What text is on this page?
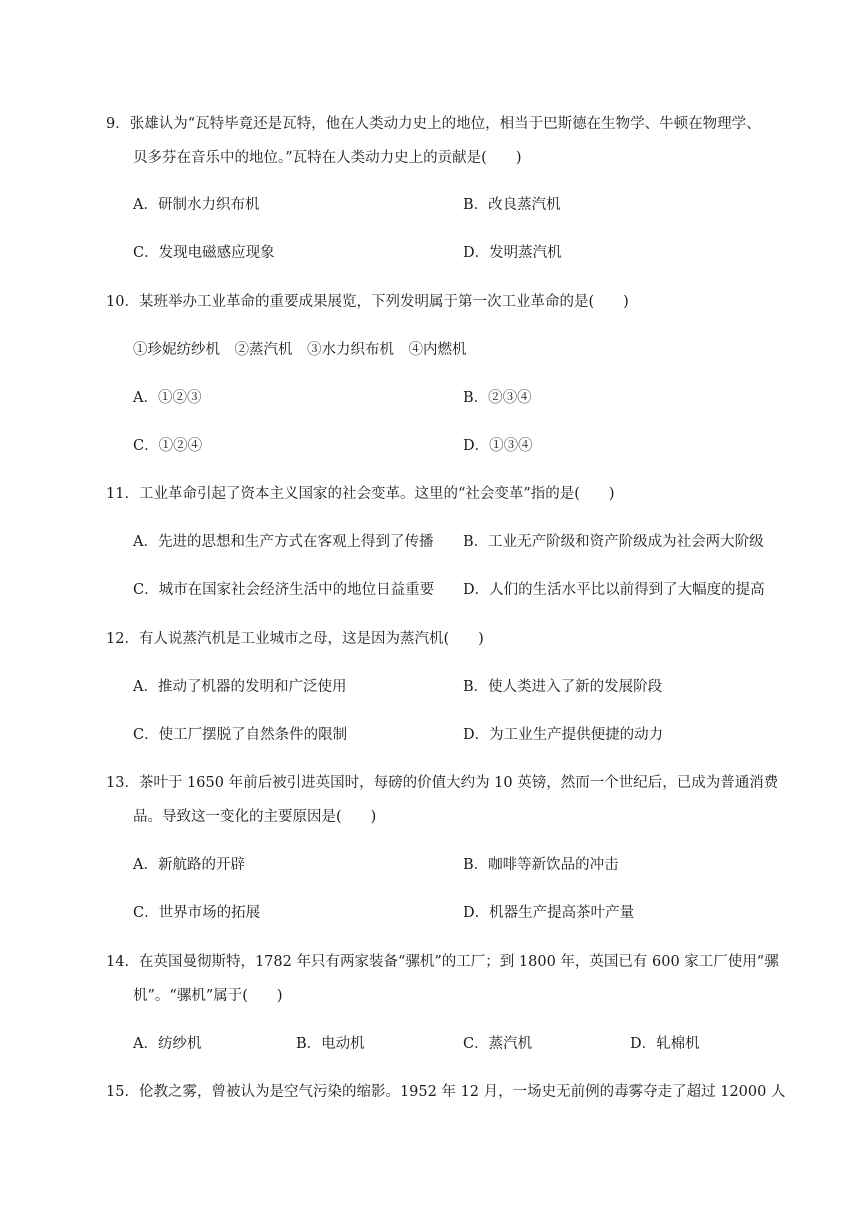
9．张雄认为“瓦特毕竟还是瓦特，他在人类动力史上的地位，相当于巴斯德在生物学、牛顿在物理学、
贝多芬在音乐中的地位。”瓦特在人类动力史上的贡献是(　　)
A．研制水力织布机	B．改良蒸汽机
C．发现电磁感应现象	D．发明蒸汽机
10．某班举办工业革命的重要成果展览，下列发明属于第一次工业革命的是(　　)
①珍妮纺纱机　②蒸汽机　③水力织布机　④内燃机
A．①②③	B．②③④
C．①②④	D．①③④
11．工业革命引起了资本主义国家的社会变革。这里的“社会变革”指的是(　　)
A．先进的思想和生产方式在客观上得到了传播 B．工业无产阶级和资产阶级成为社会两大阶级
C．城市在国家社会经济生活中的地位日益重要 D．人们的生活水平比以前得到了大幅度的提高
12．有人说蒸汽机是工业城市之母，这是因为蒸汽机(　　)
A．推动了机器的发明和广泛使用	B．使人类进入了新的发展阶段
C．使工厂摆脱了自然条件的限制	D．为工业生产提供便捷的动力
13．茶叶于 1650 年前后被引进英国时，每磅的价值大约为 10 英镑，然而一个世纪后，已成为普通消费
品。导致这一变化的主要原因是(　　)
A．新航路的开辟	B．咖啡等新饮品的冲击
C．世界市场的拓展	D．机器生产提高茶叶产量
14．在英国曼彻斯特，1782 年只有两家装备“骡机”的工厂；到 1800 年，英国已有 600 家工厂使用“骡
机”。“骡机”属于(　　)
A．纺纱机	B．电动机	C．蒸汽机	D．轧棉机
15．伦教之雾，曾被认为是空气污染的缩影。1952 年 12 月，一场史无前例的毒雾夺走了超过 12000 人
